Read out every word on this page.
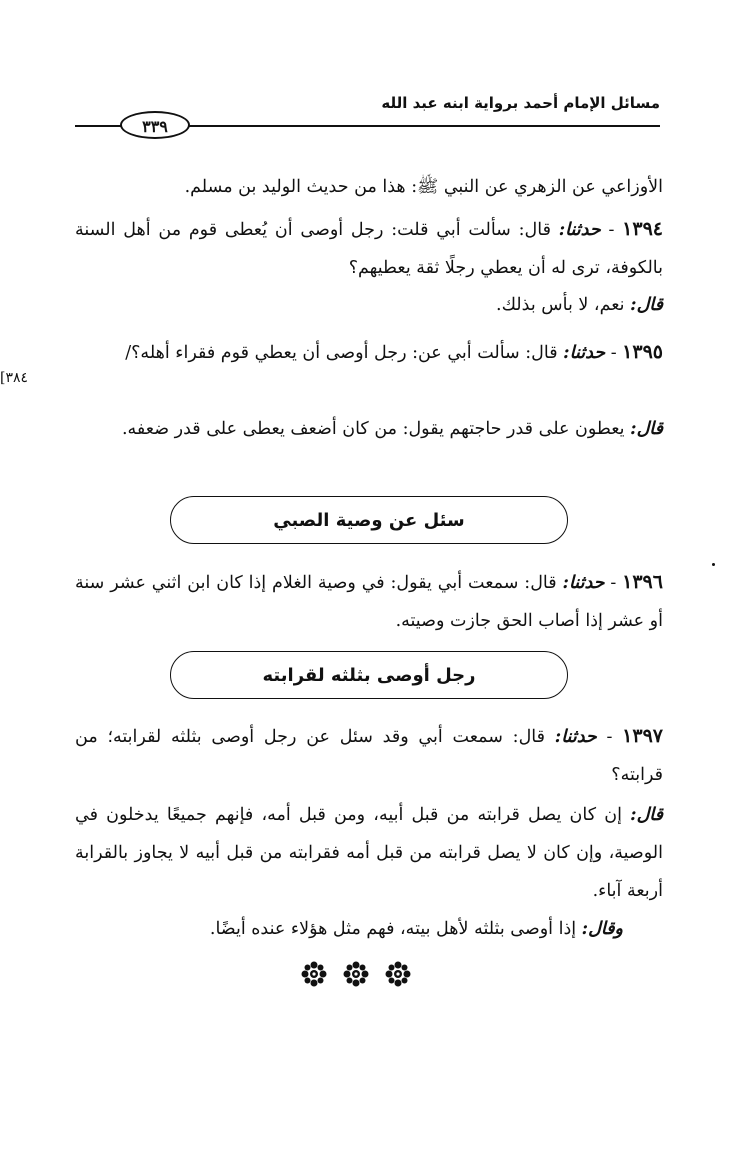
مسائل الإمام أحمد برواية ابنه عبد الله
٣٣٩
[٣٨٤

الأوزاعي عن الزهري عن النبي ﷺ: هذا من حديث الوليد بن مسلم.

١٣٩٤ - حدثنا: قال: سألت أبي قلت: رجل أوصى أن يُعطى قوم من أهل السنة بالكوفة، ترى له أن يعطي رجلًا ثقة يعطيهم؟

قال: نعم، لا بأس بذلك.

١٣٩٥ - حدثنا: قال: سألت أبي عن: رجل أوصى أن يعطي قوم فقراء أهله؟/

قال: يعطون على قدر حاجتهم يقول: من كان أضعف يعطى على قدر ضعفه.

سئل عن وصية الصبي

١٣٩٦ - حدثنا: قال: سمعت أبي يقول: في وصية الغلام إذا كان ابن اثني عشر سنة أو عشر إذا أصاب الحق جازت وصيته.

رجل أوصى بثلثه لقرابته

١٣٩٧ - حدثنا: قال: سمعت أبي وقد سئل عن رجل أوصى بثلثه لقرابته؛ من قرابته؟

قال: إن كان يصل قرابته من قبل أبيه، ومن قبل أمه، فإنهم جميعًا يدخلون في الوصية، وإن كان لا يصل قرابته من قبل أمه فقرابته من قبل أبيه لا يجاوز بالقرابة أربعة آباء.

وقال: إذا أوصى بثلثه لأهل بيته، فهم مثل هؤلاء عنده أيضًا.
